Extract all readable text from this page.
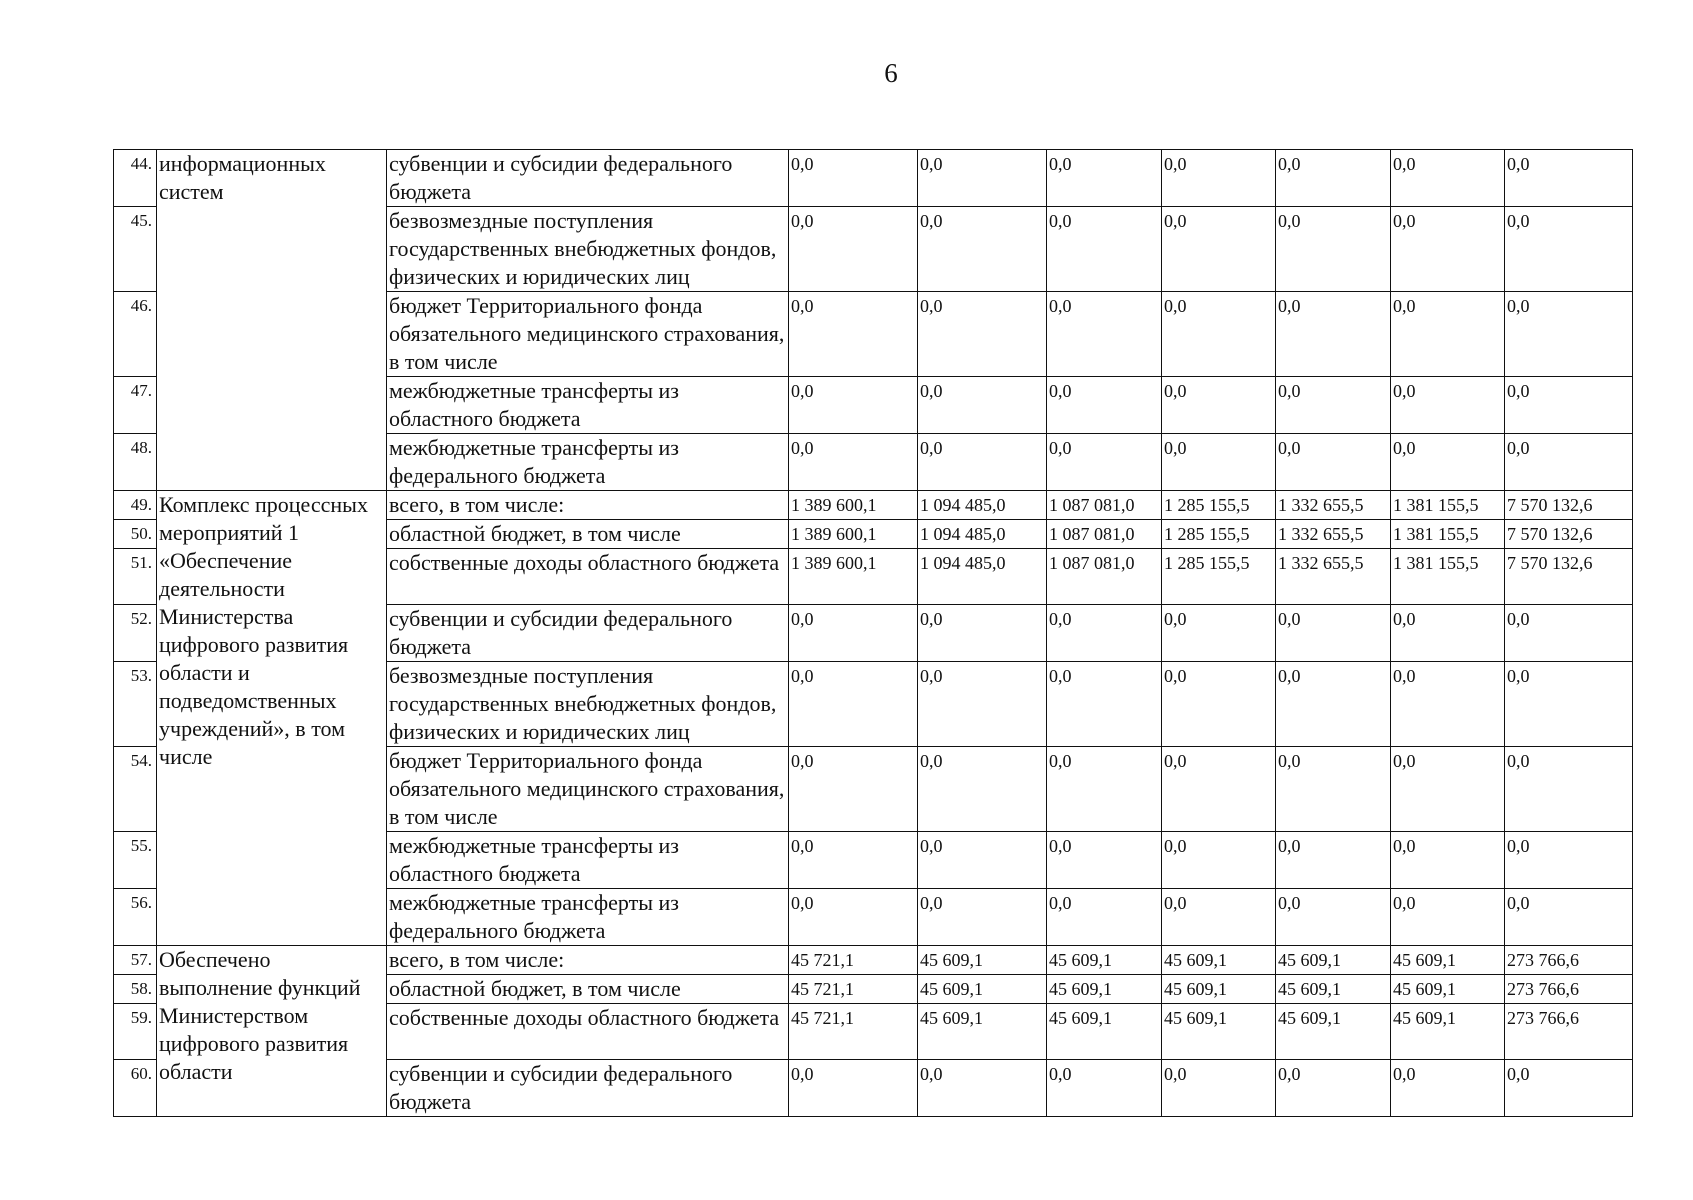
6
44.	информационных систем	субвенции и субсидии федерального бюджета	0,0	0,0	0,0	0,0	0,0	0,0	0,0
45.		безвозмездные поступления государственных внебюджетных фондов, физических и юридических лиц	0,0	0,0	0,0	0,0	0,0	0,0	0,0
46.		бюджет Территориального фонда обязательного медицинского страхования, в том числе	0,0	0,0	0,0	0,0	0,0	0,0	0,0
47.		межбюджетные трансферты из областного бюджета	0,0	0,0	0,0	0,0	0,0	0,0	0,0
48.		межбюджетные трансферты из федерального бюджета	0,0	0,0	0,0	0,0	0,0	0,0	0,0
49.	Комплекс процессных мероприятий 1 «Обеспечение деятельности Министерства цифрового развития области и подведомственных учреждений», в том числе	всего, в том числе:	1 389 600,1	1 094 485,0	1 087 081,0	1 285 155,5	1 332 655,5	1 381 155,5	7 570 132,6
50.		областной бюджет, в том числе	1 389 600,1	1 094 485,0	1 087 081,0	1 285 155,5	1 332 655,5	1 381 155,5	7 570 132,6
51.		собственные доходы областного бюджета	1 389 600,1	1 094 485,0	1 087 081,0	1 285 155,5	1 332 655,5	1 381 155,5	7 570 132,6
52.		субвенции и субсидии федерального бюджета	0,0	0,0	0,0	0,0	0,0	0,0	0,0
53.		безвозмездные поступления государственных внебюджетных фондов, физических и юридических лиц	0,0	0,0	0,0	0,0	0,0	0,0	0,0
54.		бюджет Территориального фонда обязательного медицинского страхования, в том числе	0,0	0,0	0,0	0,0	0,0	0,0	0,0
55.		межбюджетные трансферты из областного бюджета	0,0	0,0	0,0	0,0	0,0	0,0	0,0
56.		межбюджетные трансферты из федерального бюджета	0,0	0,0	0,0	0,0	0,0	0,0	0,0
57.	Обеспечено выполнение функций Министерством цифрового развития области	всего, в том числе:	45 721,1	45 609,1	45 609,1	45 609,1	45 609,1	45 609,1	273 766,6
58.		областной бюджет, в том числе	45 721,1	45 609,1	45 609,1	45 609,1	45 609,1	45 609,1	273 766,6
59.		собственные доходы областного бюджета	45 721,1	45 609,1	45 609,1	45 609,1	45 609,1	45 609,1	273 766,6
60.		субвенции и субсидии федерального бюджета	0,0	0,0	0,0	0,0	0,0	0,0	0,0
